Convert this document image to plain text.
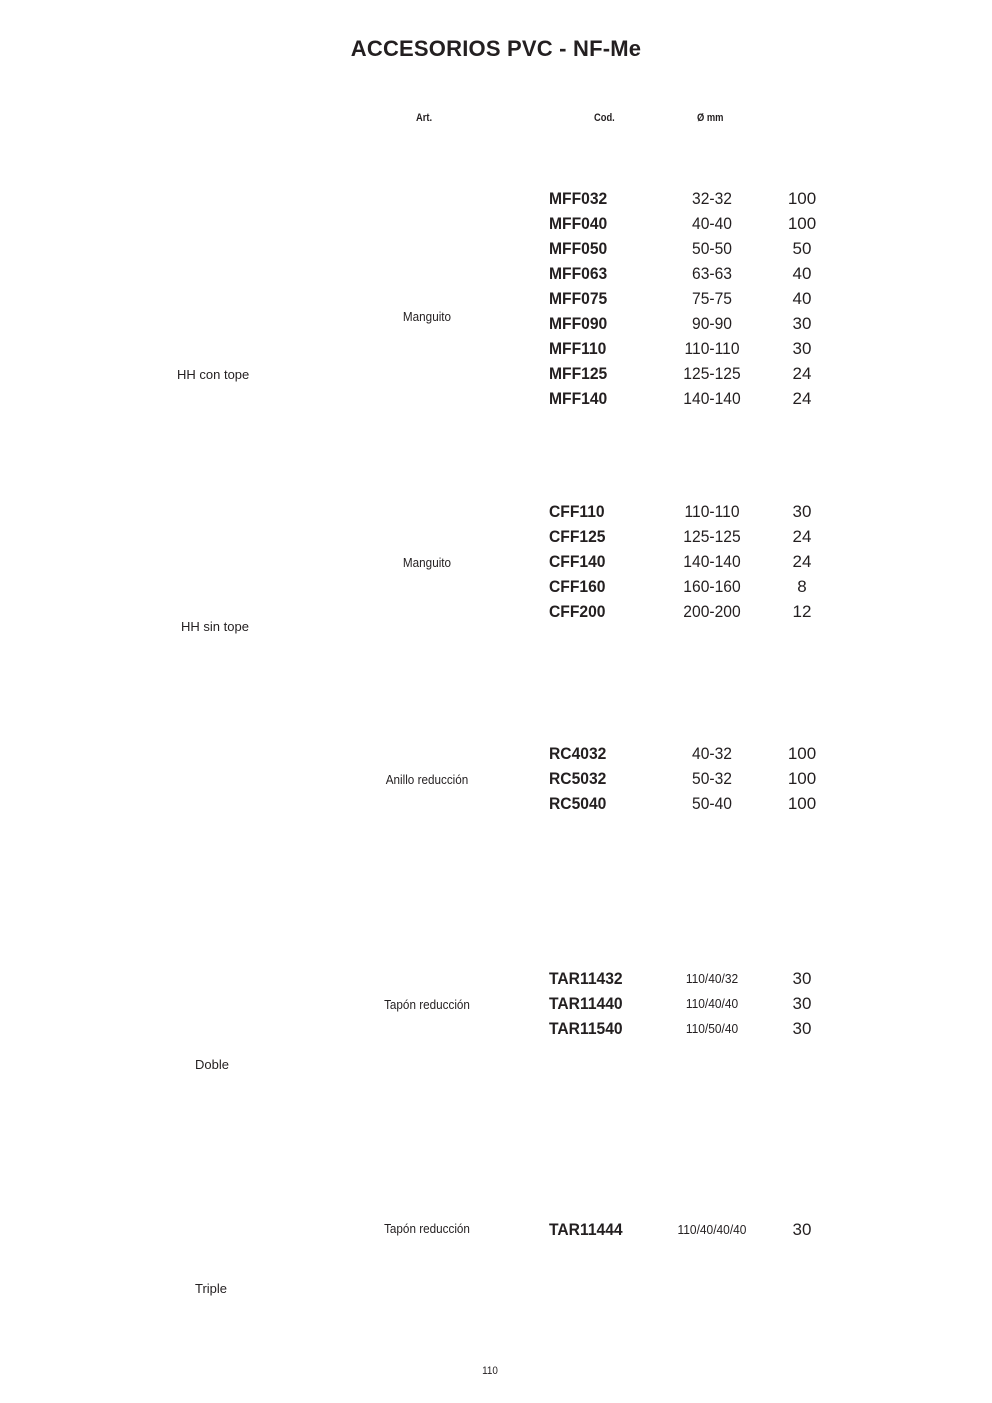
ACCESORIOS PVC - NF-Me
Art.	Cod.	Ø mm
HH con tope
Manguito
MFF032	32-32	100
MFF040	40-40	100
MFF050	50-50	50
MFF063	63-63	40
MFF075	75-75	40
MFF090	90-90	30
MFF110	110-110	30
MFF125	125-125	24
MFF140	140-140	24
HH sin tope
Manguito
CFF110	110-110	30
CFF125	125-125	24
CFF140	140-140	24
CFF160	160-160	8
CFF200	200-200	12
Anillo reducción
RC4032	40-32	100
RC5032	50-32	100
RC5040	50-40	100
Doble
Tapón reducción
TAR11432	110/40/32	30
TAR11440	110/40/40	30
TAR11540	110/50/40	30
Triple
Tapón reducción	TAR11444	110/40/40/40	30
110
